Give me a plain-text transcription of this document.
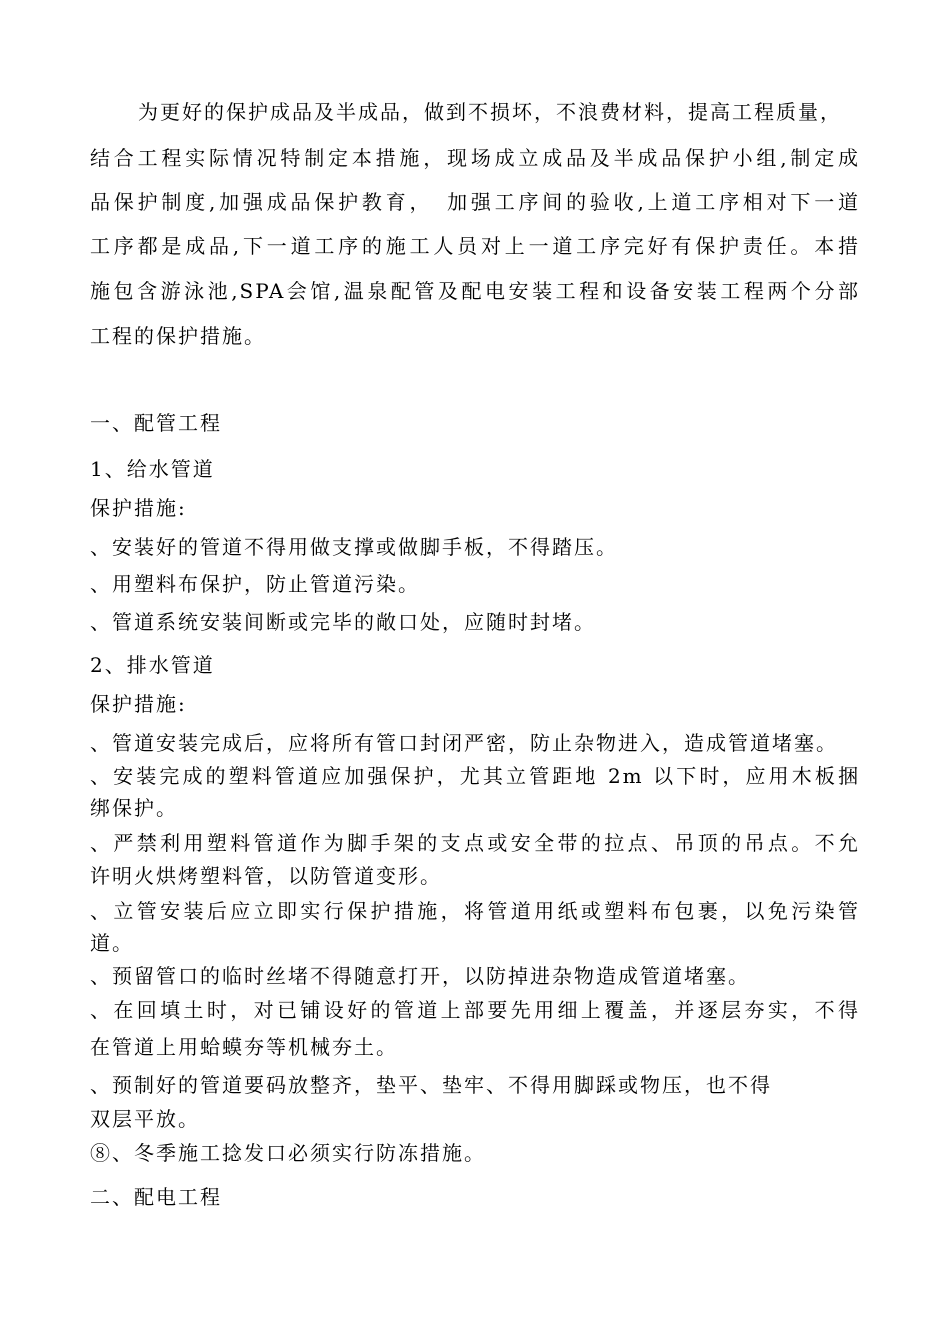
为更好的保护成品及半成品，做到不损坏，不浪费材料，提高工程质量，
结合工程实际情况特制定本措施，现场成立成品及半成品保护小组,制定成
品保护制度,加强成品保护教育，　加强工序间的验收,上道工序相对下一道
工序都是成品,下一道工序的施工人员对上一道工序完好有保护责任。本措
施包含游泳池,SPA会馆,温泉配管及配电安装工程和设备安装工程两个分部
工程的保护措施。
一、配管工程
1、给水管道
保护措施:
、安装好的管道不得用做支撑或做脚手板，不得踏压。
、用塑料布保护，防止管道污染。
、管道系统安装间断或完毕的敞口处，应随时封堵。
2、排水管道
保护措施:
、管道安装完成后，应将所有管口封闭严密，防止杂物进入，造成管道堵塞。
、安装完成的塑料管道应加强保护，尤其立管距地 2m 以下时，应用木板捆
绑保护。
、严禁利用塑料管道作为脚手架的支点或安全带的拉点、吊顶的吊点。不允
许明火烘烤塑料管，以防管道变形。
、立管安装后应立即实行保护措施，将管道用纸或塑料布包裹，以免污染管
道。
、预留管口的临时丝堵不得随意打开，以防掉进杂物造成管道堵塞。
、在回填土时，对已铺设好的管道上部要先用细上覆盖，并逐层夯实，不得
在管道上用蛤蟆夯等机械夯土。
、预制好的管道要码放整齐，垫平、垫牢、不得用脚踩或物压，也不得
双层平放。
⑧、冬季施工捻发口必须实行防冻措施。
二、配电工程
